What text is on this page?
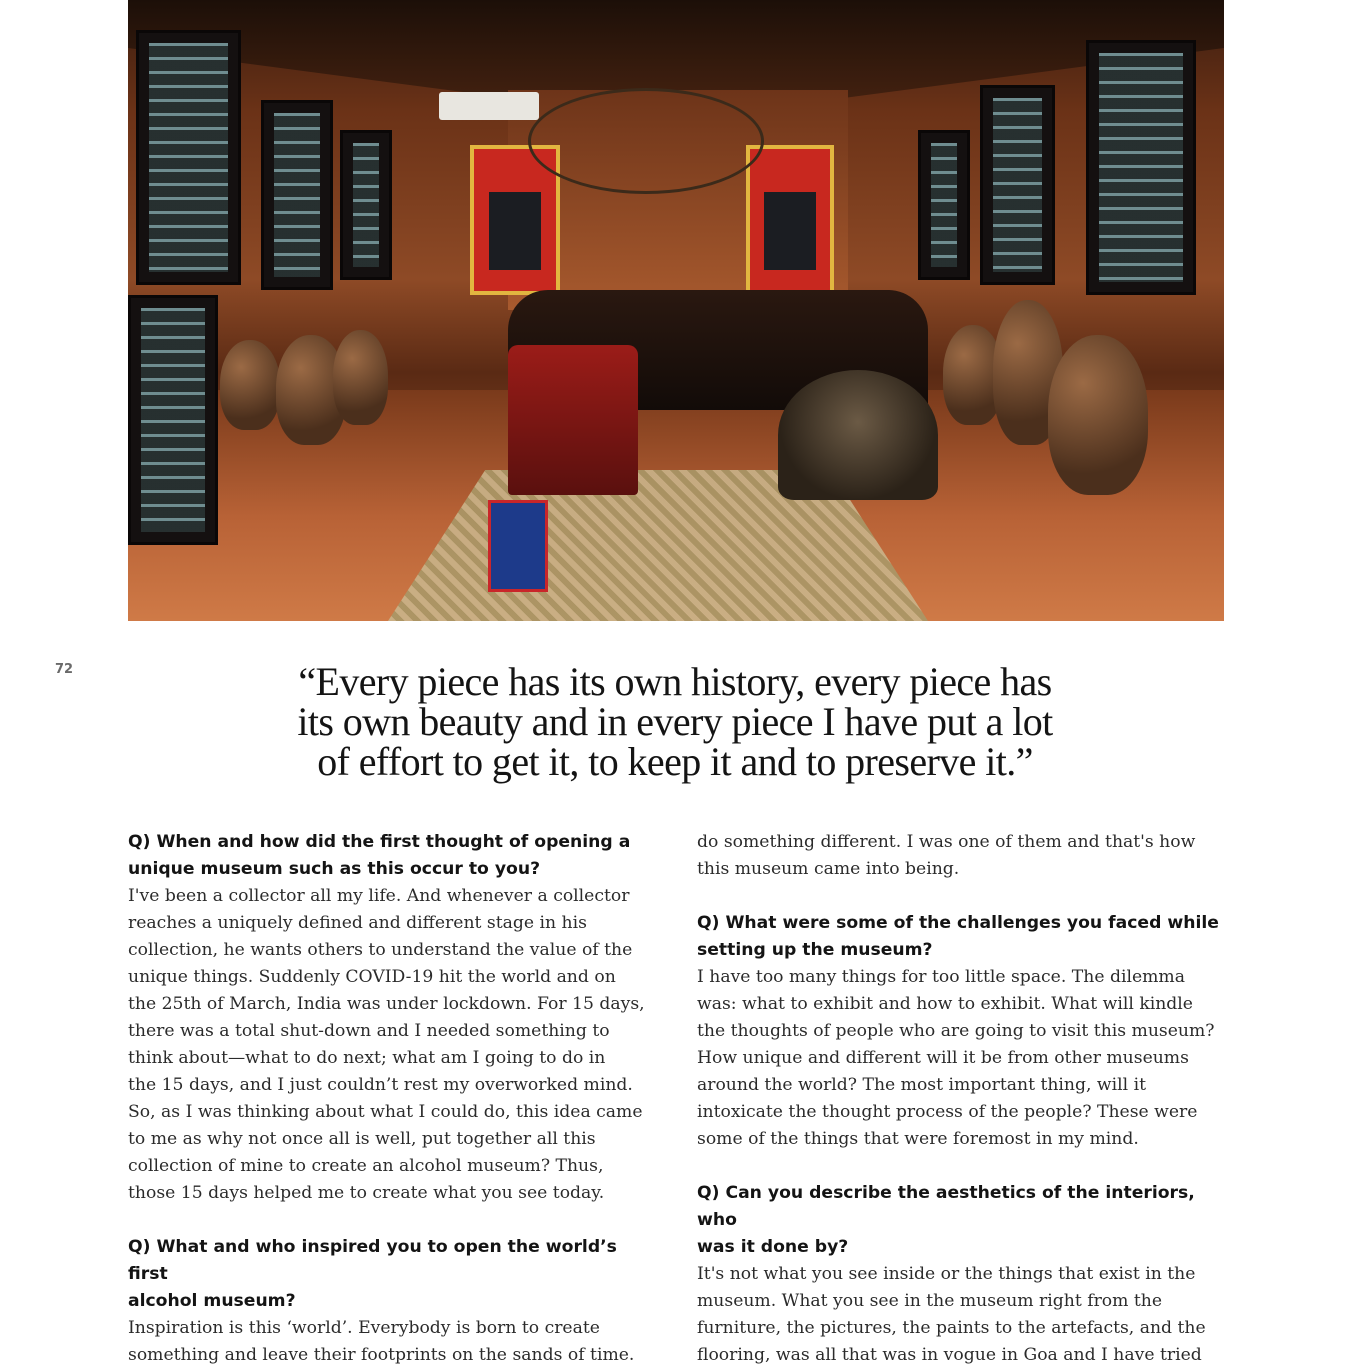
72	“Every piece has its own history, every piece has
its own beauty and in every piece I have put a lot
of effort to get it, to keep it and to preserve it.”

Q) When and how did the first thought of opening a

unique museum such as this occur to you?

I've been a collector all my life. And whenever a collector

reaches a uniquely defined and different stage in his

collection, he wants others to understand the value of the

unique things. Suddenly COVID-19 hit the world and on

the 25th of March, India was under lockdown. For 15 days,

there was a total shut-down and I needed something to

think about—what to do next; what am I going to do in

the 15 days, and I just couldn’t rest my overworked mind.

So, as I was thinking about what I could do, this idea came

to me as why not once all is well, put together all this

collection of mine to create an alcohol museum? Thus,

those 15 days helped me to create what you see today.

Q) What and who inspired you to open the world’s first

alcohol museum?

Inspiration is this ‘world’. Everybody is born to create

something and leave their footprints on the sands of time.

do something different. I was one of them and that's how

this museum came into being.

Q) What were some of the challenges you faced while

setting up the museum?

I have too many things for too little space. The dilemma

was: what to exhibit and how to exhibit. What will kindle

the thoughts of people who are going to visit this museum?

How unique and different will it be from other museums

around the world? The most important thing, will it

intoxicate the thought process of the people? These were

some of the things that were foremost in my mind.

Q) Can you describe the aesthetics of the interiors, who

was it done by?

It's not what you see inside or the things that exist in the

museum. What you see in the museum right from the

furniture, the pictures, the paints to the artefacts, and the

flooring, was all that was in vogue in Goa and I have tried
